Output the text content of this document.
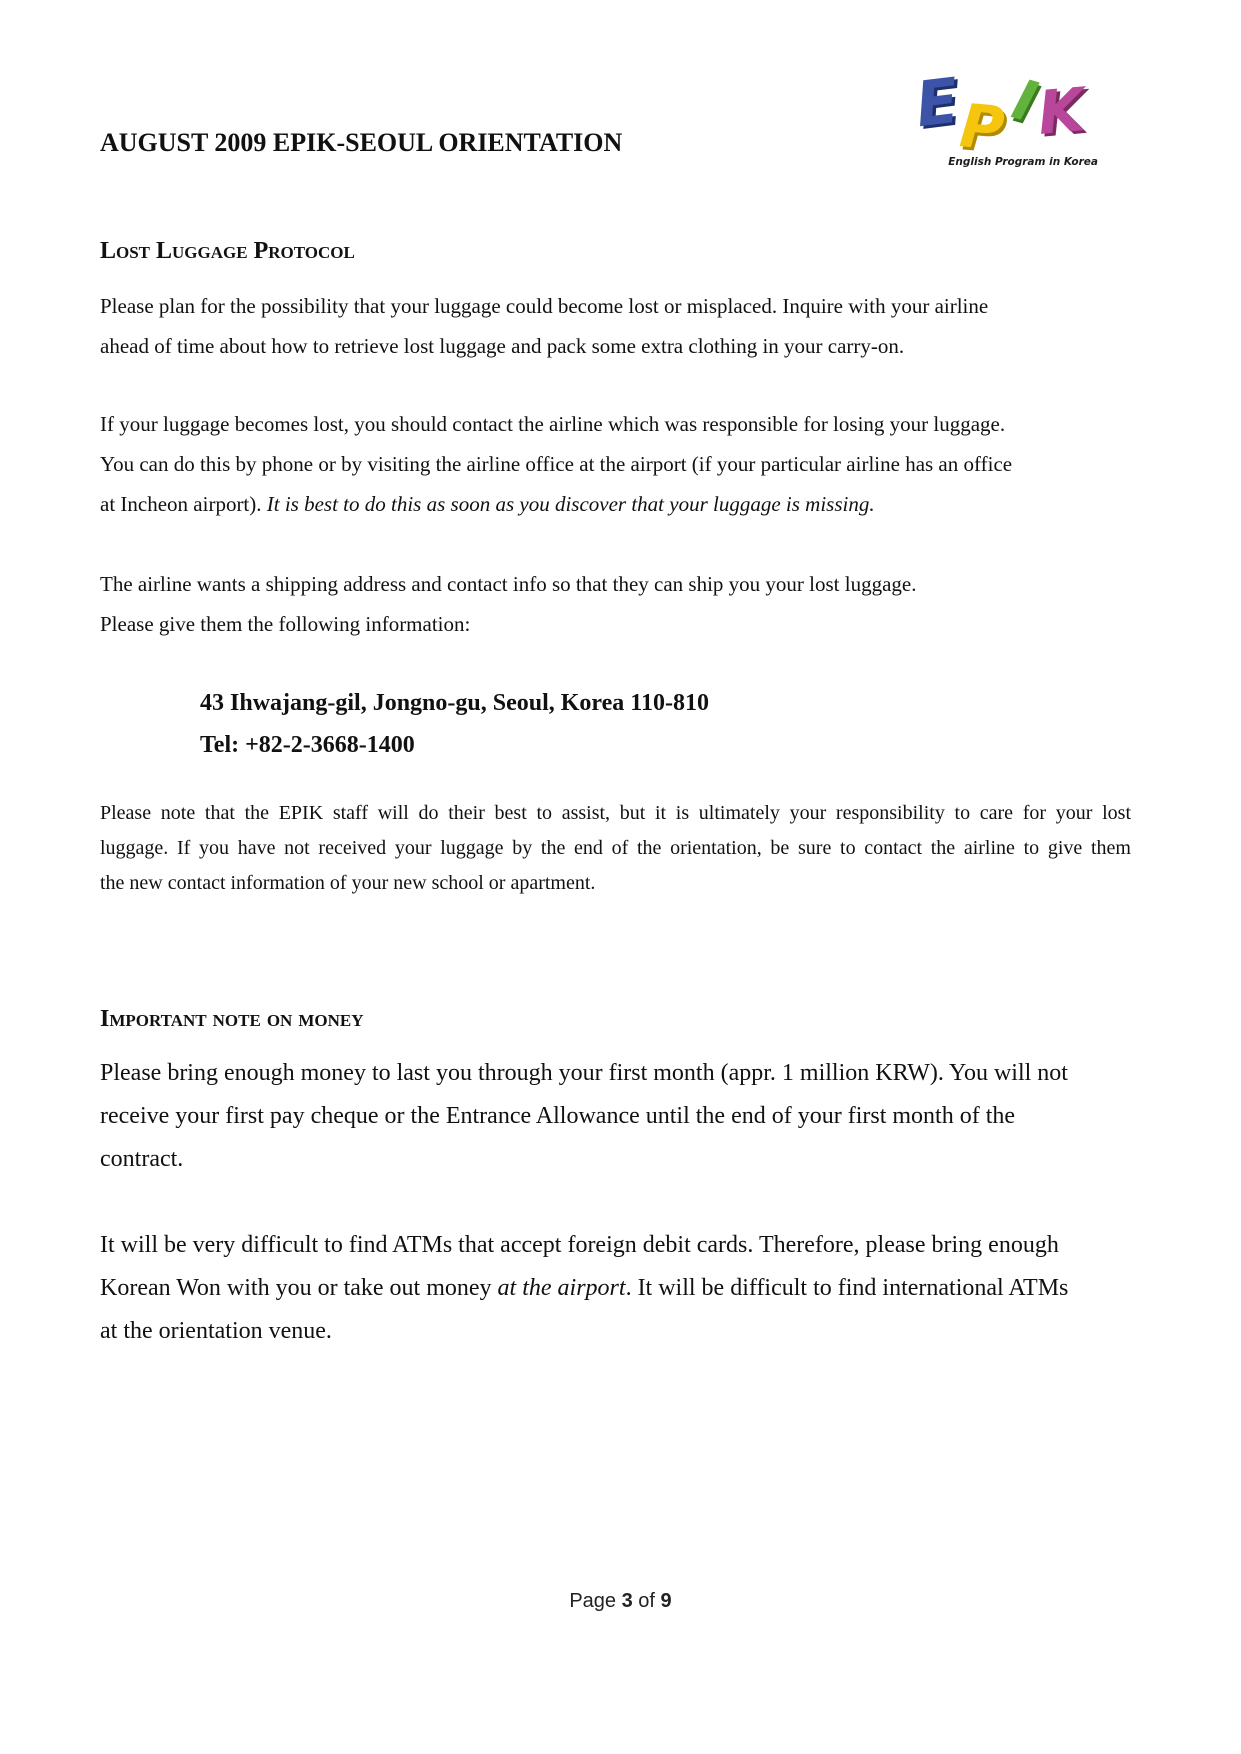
AUGUST 2009 EPIK-SEOUL ORIENTATION
E
P
I
K
English Program in Korea
Lost Luggage Protocol
Please plan for the possibility that your luggage could become lost or misplaced. Inquire with your airline
ahead of time about how to retrieve lost luggage and pack some extra clothing in your carry-on.
If your luggage becomes lost, you should contact the airline which was responsible for losing your luggage.
You can do this by phone or by visiting the airline office at the airport (if your particular airline has an office
at Incheon airport). It is best to do this as soon as you discover that your luggage is missing.
The airline wants a shipping address and contact info so that they can ship you your lost luggage.
Please give them the following information:
43 Ihwajang-gil, Jongno-gu, Seoul, Korea 110-810
Tel: +82-2-3668-1400
Please note that the EPIK staff will do their best to assist, but it is ultimately your responsibility to care for your lost
luggage. If you have not received your luggage by the end of the orientation, be sure to contact the airline to give them
the new contact information of your new school or apartment.
Important note on money
Please bring enough money to last you through your first month (appr. 1 million KRW). You will not
receive your first pay cheque or the Entrance Allowance until the end of your first month of the
contract.
It will be very difficult to find ATMs that accept foreign debit cards. Therefore, please bring enough
Korean Won with you or take out money at the airport. It will be difficult to find international ATMs
at the orientation venue.
Page 3 of 9
